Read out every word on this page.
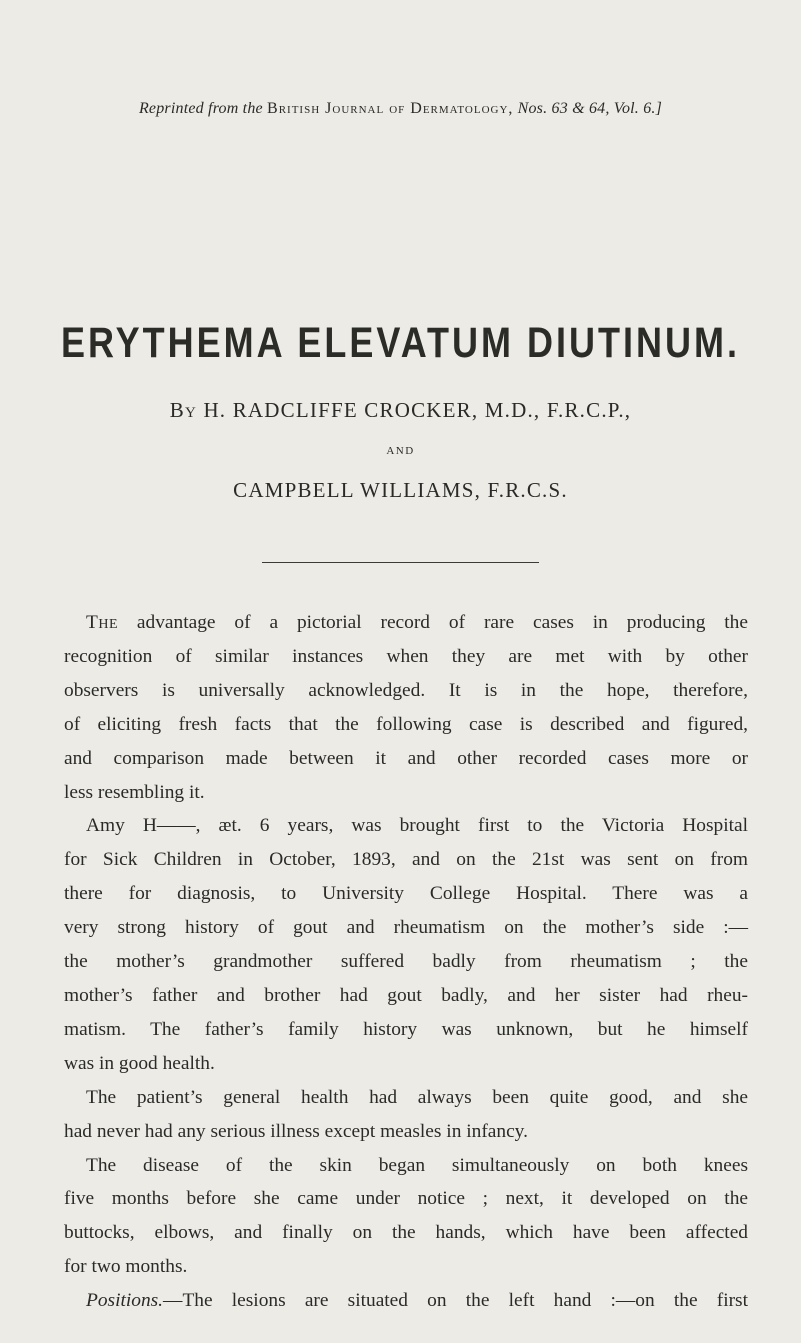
Reprinted from the British Journal of Dermatology, Nos. 63 & 64, Vol. 6.]
ERYTHEMA ELEVATUM DIUTINUM.
By H. RADCLIFFE CROCKER, M.D., F.R.C.P.,
AND
CAMPBELL WILLIAMS, F.R.C.S.
The advantage of a pictorial record of rare cases in producing the
recognition of similar instances when they are met with by other
observers is universally acknowledged. It is in the hope, therefore,
of eliciting fresh facts that the following case is described and figured,
and comparison made between it and other recorded cases more or
less resembling it.
Amy H——, æt. 6 years, was brought first to the Victoria Hospital
for Sick Children in October, 1893, and on the 21st was sent on from
there for diagnosis, to University College Hospital. There was a
very strong history of gout and rheumatism on the mother’s side :—
the mother’s grandmother suffered badly from rheumatism ; the
mother’s father and brother had gout badly, and her sister had rheu-
matism. The father’s family history was unknown, but he himself
was in good health.
The patient’s general health had always been quite good, and she
had never had any serious illness except measles in infancy.
The disease of the skin began simultaneously on both knees
five months before she came under notice ; next, it developed on the
buttocks, elbows, and finally on the hands, which have been affected
for two months.
Positions.—The lesions are situated on the left hand :—on the first
